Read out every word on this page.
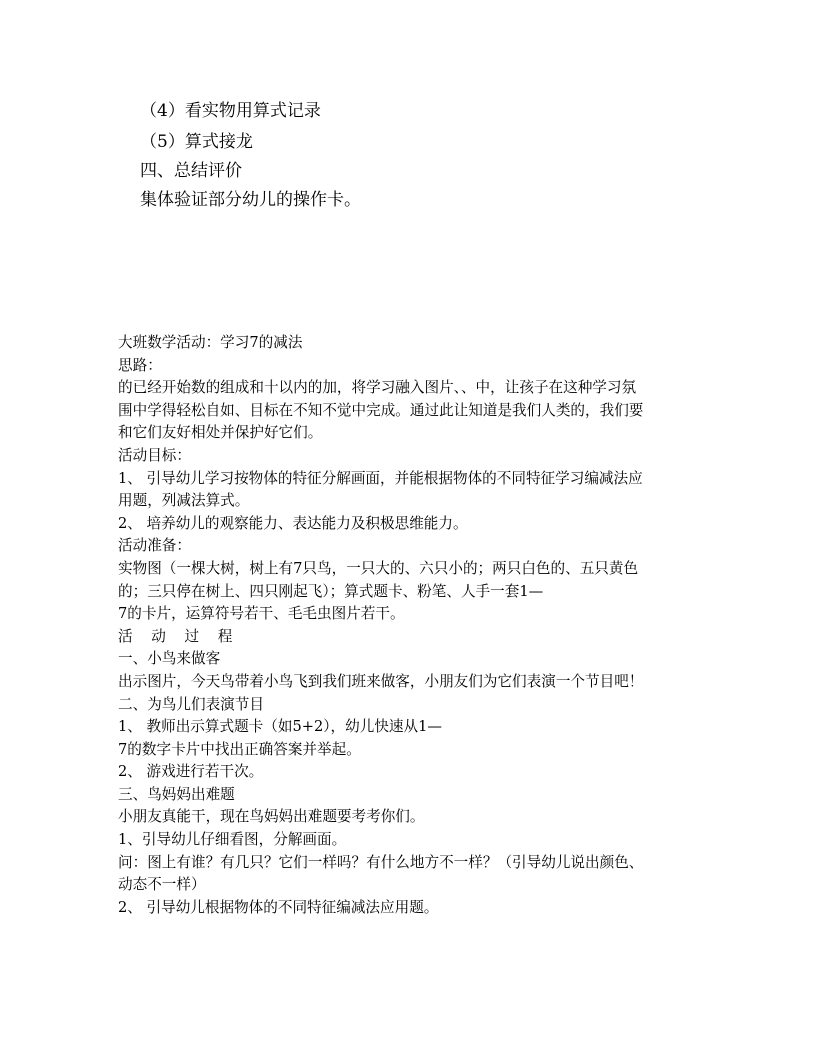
（4）看实物用算式记录
（5）算式接龙
四、总结评价
集体验证部分幼儿的操作卡。

大班数学活动：学习7的减法

思路：

的已经开始数的组成和十以内的加，将学习融入图片、、中，让孩子在这种学习氛

围中学得轻松自如、目标在不知不觉中完成。通过此让知道是我们人类的，我们要

和它们友好相处并保护好它们。

活动目标：

1、 引导幼儿学习按物体的特征分解画面，并能根据物体的不同特征学习编减法应

用题，列减法算式。

2、 培养幼儿的观察能力、表达能力及积极思维能力。

活动准备：

实物图（一棵大树，树上有7只鸟，一只大的、六只小的；两只白色的、五只黄色

的；三只停在树上、四只刚起飞）；算式题卡、粉笔、人手一套1—

7的卡片，运算符号若干、毛毛虫图片若干。

活 动 过 程

一、小鸟来做客

出示图片，今天鸟带着小鸟飞到我们班来做客，小朋友们为它们表演一个节目吧！

二、为鸟儿们表演节目

1、 教师出示算式题卡（如5+2），幼儿快速从1—

7的数字卡片中找出正确答案并举起。

2、 游戏进行若干次。

三、鸟妈妈出难题

小朋友真能干，现在鸟妈妈出难题要考考你们。

1、引导幼儿仔细看图，分解画面。

问：图上有谁？有几只？它们一样吗？有什么地方不一样？（引导幼儿说出颜色、

动态不一样）

2、 引导幼儿根据物体的不同特征编减法应用题。
